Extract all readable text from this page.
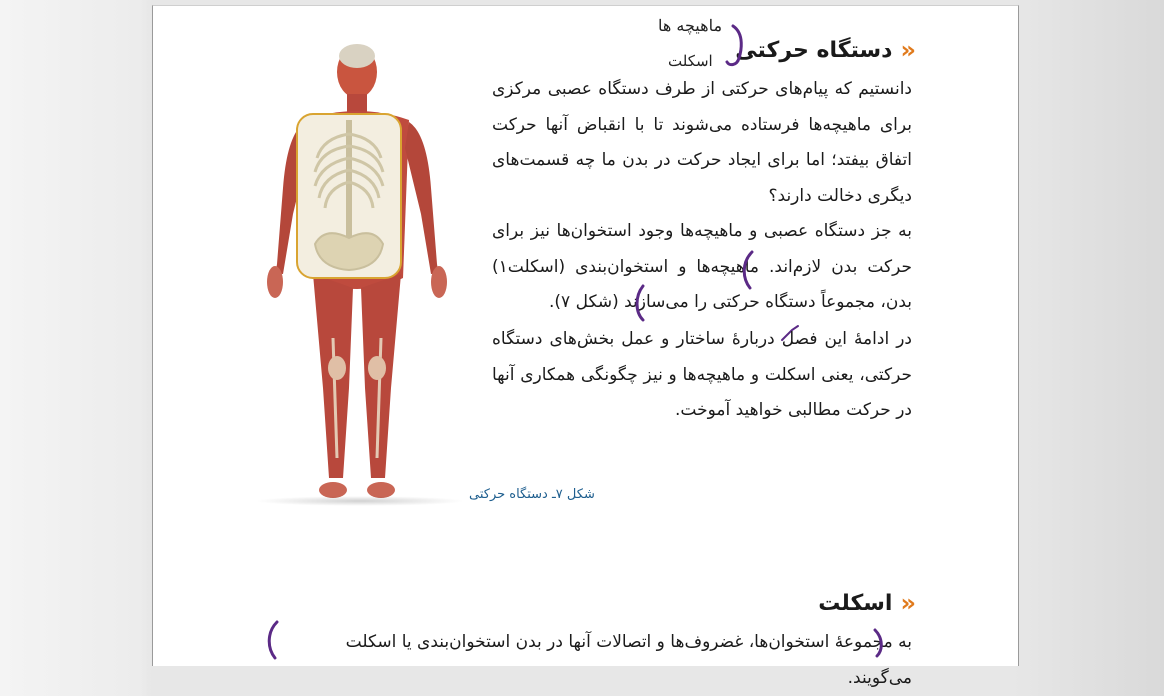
«
دستگاه حرکتی
ماهیچه ها
اسکلت
دانستیم که پیام‌های حرکتی از طرف دستگاه عصبی مرکزی برای ماهیچه‌ها فرستاده می‌شوند تا با انقباض آنها حرکت اتفاق بیفتد؛ اما برای ایجاد حرکت در بدن ما چه قسمت‌های دیگری دخالت دارند؟
به جز دستگاه عصبی و ماهیچه‌ها وجود استخوان‌ها نیز برای حرکت بدن لازم‌اند. ماهیچه‌ها و استخوان‌بندی (اسکلت۱) بدن، مجموعاً دستگاه حرکتی را می‌سازند (شکل ۷).
در ادامهٔ این فصل دربارهٔ ساختار و عمل بخش‌های دستگاه حرکتی، یعنی اسکلت و ماهیچه‌ها و نیز چگونگی همکاری آنها در حرکت مطالبی خواهید آموخت.
شکل ۷ـ دستگاه حرکتی
«
اسکلت
به مجموعهٔ استخوان‌ها، غضروف‌ها و اتصالات آنها در بدن استخوان‌بندی یا اسکلت می‌گویند.
